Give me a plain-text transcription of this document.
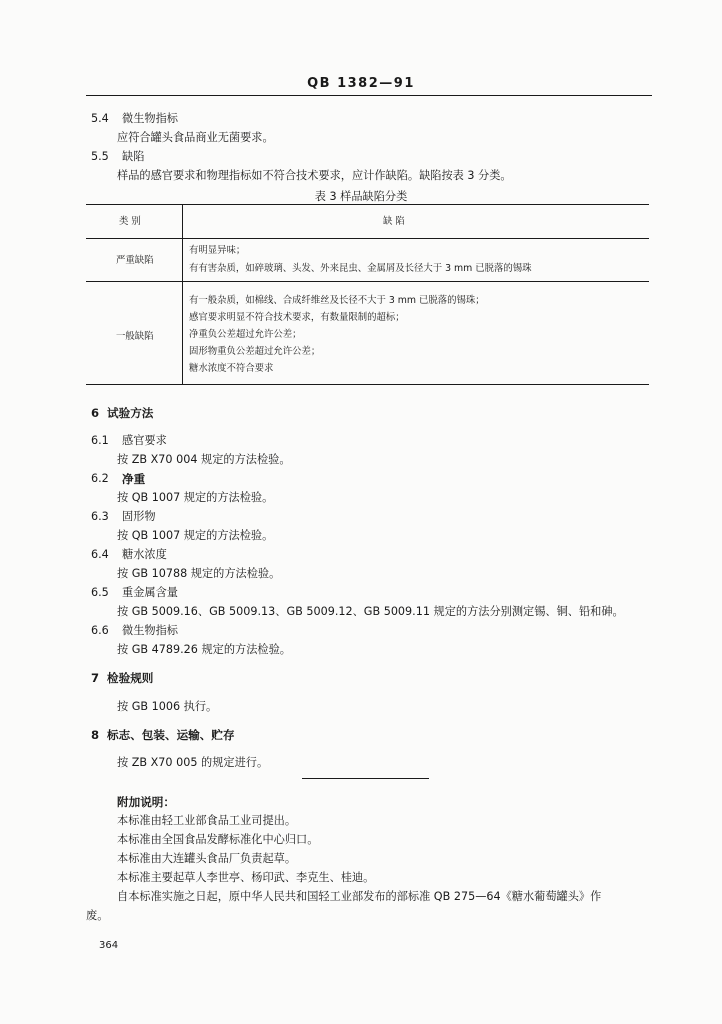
QB 1382—91
5.4 微生物指标
应符合罐头食品商业无菌要求。
5.5 缺陷
样品的感官要求和物理指标如不符合技术要求，应计作缺陷。缺陷按表 3 分类。
表 3 样品缺陷分类
类 别	缺 陷
严重缺陷
有明显异味；
有有害杂质，如碎玻璃、头发、外来昆虫、金属屑及长径大于 3 mm 已脱落的锡珠
一般缺陷
有一般杂质，如棉线、合成纤维丝及长径不大于 3 mm 已脱落的锡珠；
感官要求明显不符合技术要求，有数量限制的超标；
净重负公差超过允许公差；
固形物重负公差超过允许公差；
糖水浓度不符合要求
6 试验方法
6.1 感官要求
按 ZB X70 004 规定的方法检验。
6.2 净重
按 QB 1007 规定的方法检验。
6.3 固形物
按 QB 1007 规定的方法检验。
6.4 糖水浓度
按 GB 10788 规定的方法检验。
6.5 重金属含量
按 GB 5009.16、GB 5009.13、GB 5009.12、GB 5009.11 规定的方法分别测定锡、铜、铅和砷。
6.6 微生物指标
按 GB 4789.26 规定的方法检验。
7 检验规则
按 GB 1006 执行。
8 标志、包装、运输、贮存
按 ZB X70 005 的规定进行。
附加说明：
本标准由轻工业部食品工业司提出。
本标准由全国食品发酵标准化中心归口。
本标准由大连罐头食品厂负责起草。
本标准主要起草人李世亭、杨印武、李克生、桂迪。
自本标准实施之日起，原中华人民共和国轻工业部发布的部标准 QB 275—64《糖水葡萄罐头》作
废。
364
